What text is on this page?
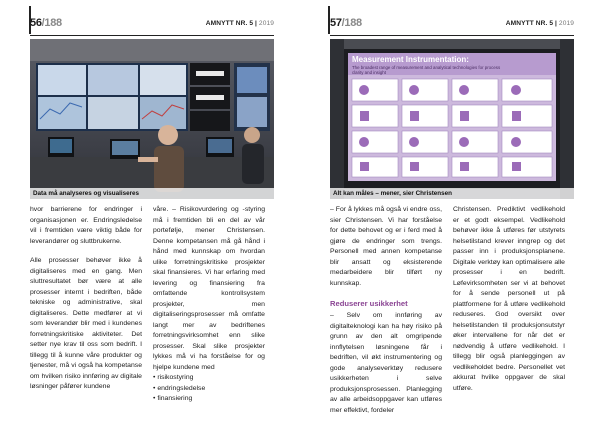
56/188	AMNYTT NR. 5 | 2019
Data må analyseres og visualiseres

hvor barrierene for endringer i organisasjonen er. Endringsledelse vil i fremtiden være viktig både for leverandører og sluttbrukerne.

Alle prosesser behøver ikke å digitaliseres med en gang. Men sluttresultatet bør være at alle prosesser internt i bedriften, både tekniske og administrative, skal digitaliseres. Dette medfører at vi som leverandør blir med i kundenes forretningskritiske aktiviteter. Det setter nye krav til oss som bedrift. I tillegg til å kunne våre produkter og tjenester, må vi også ha kompetanse om hvilken risiko innføring av digitale løsninger påfører kundene

våre. – Risikovurdering og -styring må i fremtiden bli en del av vår portefølje, mener Christensen. Denne kompetansen må gå hånd i hånd med kunnskap om hvordan ulike forretningskritiske prosjekter skal finansieres. Vi har erfaring med levering og finansiering fra omfattende kontrollsystem prosjekter, men digitaliseringsprosesser må omfatte langt mer av bedriftenes forretningsvirksomhet enn slike prosesser. Skal slike prosjekter lykkes må vi ha forståelse for og hjelpe kundene med

• risikostyring
• endringsledelse
• finansiering
57/188	AMNYTT NR. 5 | 2019
Measurement Instrumentation:
The broadest range of measurement and analytical technologies for process clarity and insight
Alt kan måles – mener, sier Christensen

– For å lykkes må også vi endre oss, sier Christensen. Vi har forståelse for dette behovet og er i ferd med å gjøre de endringer som trengs. Personell med annen kompetanse blir ansatt og eksisterende medarbeidere blir tilført ny kunnskap.

Reduserer usikkerhet

– Selv om innføring av digitalteknologi kan ha høy risiko på grunn av den alt omgripende innflytelsen løsningene får i bedriften, vil økt instrumentering og gode analyseverktøy redusere usikkerheten i selve produksjonsprosessen. Planlegging av alle arbeidsoppgaver kan utføres mer effektivt, fordeler

Christensen. Prediktivt vedlikehold er et godt eksempel. Vedlikehold behøver ikke å utføres før utstyrets helsetilstand krever inngrep og det passer inn i produksjonsplanene. Digitale verktøy kan optimalisere alle prosesser i en bedrift. Løfevirksomheten ser vi at behovet for å sende personell ut på plattformene for å utføre vedlikehold reduseres. God oversikt over helsetilstanden til produksjonsutstyr øker intervallene for når det er nødvendig å utføre vedlikehold. I tillegg blir også planleggingen av vedlikeholdet bedre. Personellet vet akkurat hvilke oppgaver de skal utføre.
